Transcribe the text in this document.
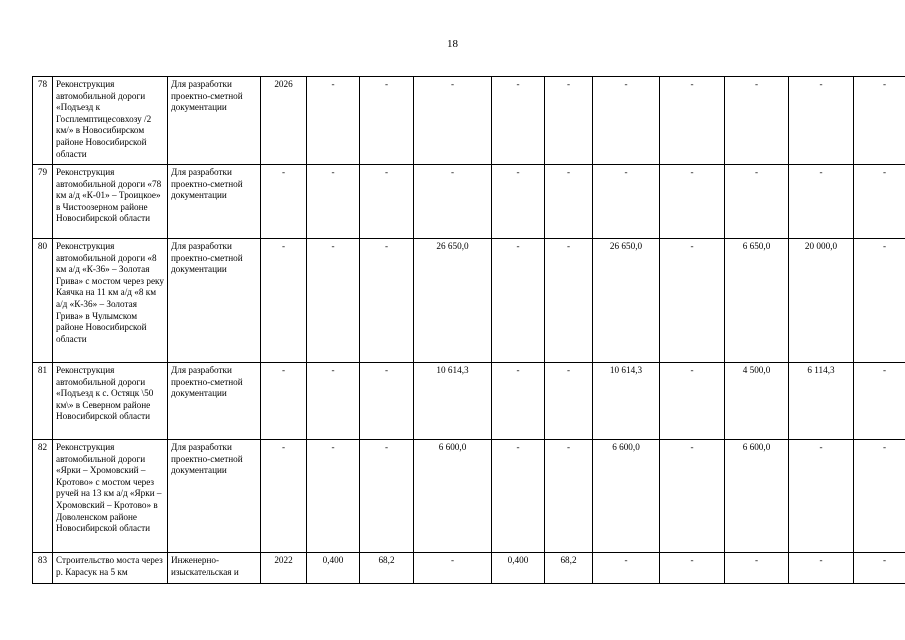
18
78	Реконструкция автомобильной дороги «Подъезд к Госплемптицесовхозу /2 км/» в Новосибирском районе Новосибирской области	Для разработки проектно-сметной документации	2026	-	-	-	-	-	-	-	-	-	-
79	Реконструкция автомобильной дороги «78 км а/д «К-01» – Троицкое» в Чистоозерном районе Новосибирской области	Для разработки проектно-сметной документации	-	-	-	-	-	-	-	-	-	-	-
80	Реконструкция автомобильной дороги «8 км а/д «К-36» – Золотая Грива» с мостом через реку Каячка на 11 км а/д «8 км а/д «К-36» – Золотая Грива» в Чулымском районе Новосибирской области	Для разработки проектно-сметной документации	-	-	-	26 650,0	-	-	26 650,0	-	6 650,0	20 000,0	-
81	Реконструкция автомобильной дороги «Подъезд к с. Остяцк \50 км\» в Северном районе Новосибирской области	Для разработки проектно-сметной документации	-	-	-	10 614,3	-	-	10 614,3	-	4 500,0	6 114,3	-
82	Реконструкция автомобильной дороги «Ярки – Хромовский – Кротово» с мостом через ручей на 13 км а/д «Ярки – Хромовский – Кротово» в Доволенском районе Новосибирской области	Для разработки проектно-сметной документации	-	-	-	6 600,0	-	-	6 600,0	-	6 600,0	-	-
83	Строительство моста через р. Карасук на 5 км	Инженерно-изыскательская и	2022	0,400	68,2	-	0,400	68,2	-	-	-	-	-
